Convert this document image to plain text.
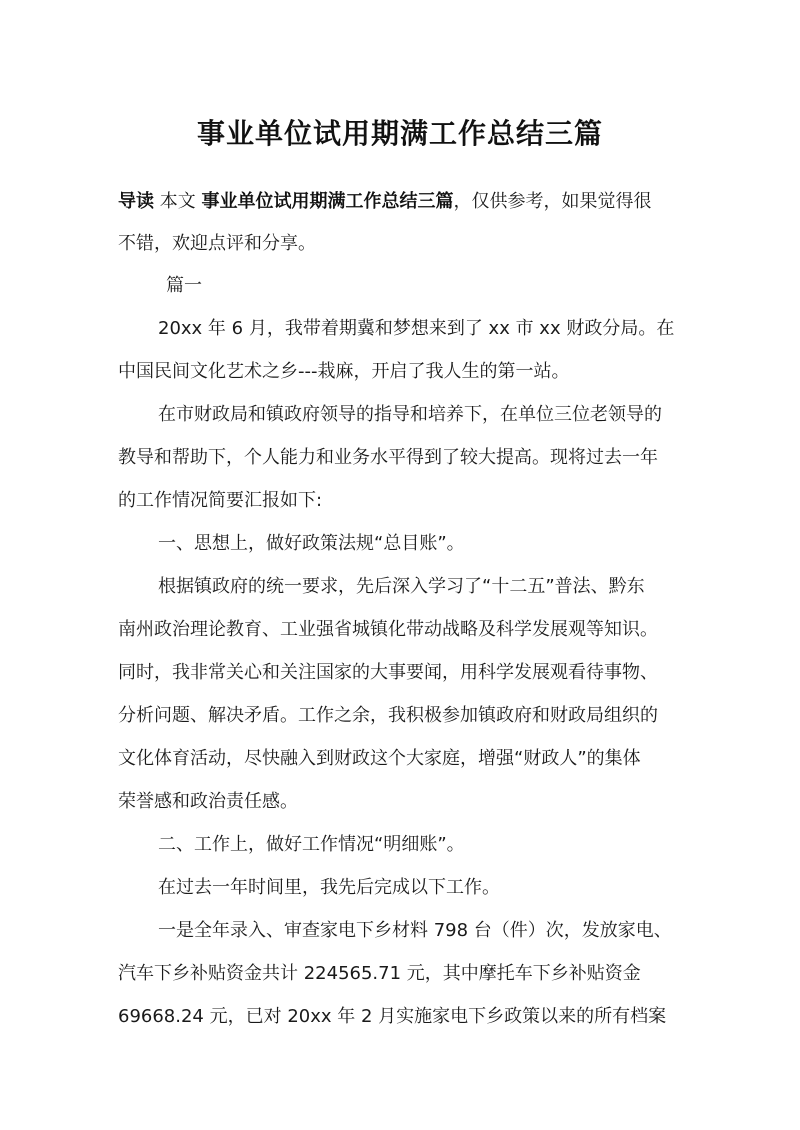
事业单位试用期满工作总结三篇
导读 本文 事业单位试用期满工作总结三篇，仅供参考，如果觉得很
不错，欢迎点评和分享。
篇一
20xx 年 6 月，我带着期冀和梦想来到了 xx 市 xx 财政分局。在
中国民间文化艺术之乡---栽麻，开启了我人生的第一站。
在市财政局和镇政府领导的指导和培养下，在单位三位老领导的
教导和帮助下，个人能力和业务水平得到了较大提高。现将过去一年
的工作情况简要汇报如下:
一、思想上，做好政策法规“总目账”。
根据镇政府的统一要求，先后深入学习了“十二五”普法、黔东
南州政治理论教育、工业强省城镇化带动战略及科学发展观等知识。
同时，我非常关心和关注国家的大事要闻，用科学发展观看待事物、
分析问题、解决矛盾。工作之余，我积极参加镇政府和财政局组织的
文化体育活动，尽快融入到财政这个大家庭，增强“财政人”的集体
荣誉感和政治责任感。
二、工作上，做好工作情况“明细账”。
在过去一年时间里，我先后完成以下工作。
一是全年录入、审查家电下乡材料 798 台（件）次，发放家电、
汽车下乡补贴资金共计 224565.71 元，其中摩托车下乡补贴资金
69668.24 元，已对 20xx 年 2 月实施家电下乡政策以来的所有档案
